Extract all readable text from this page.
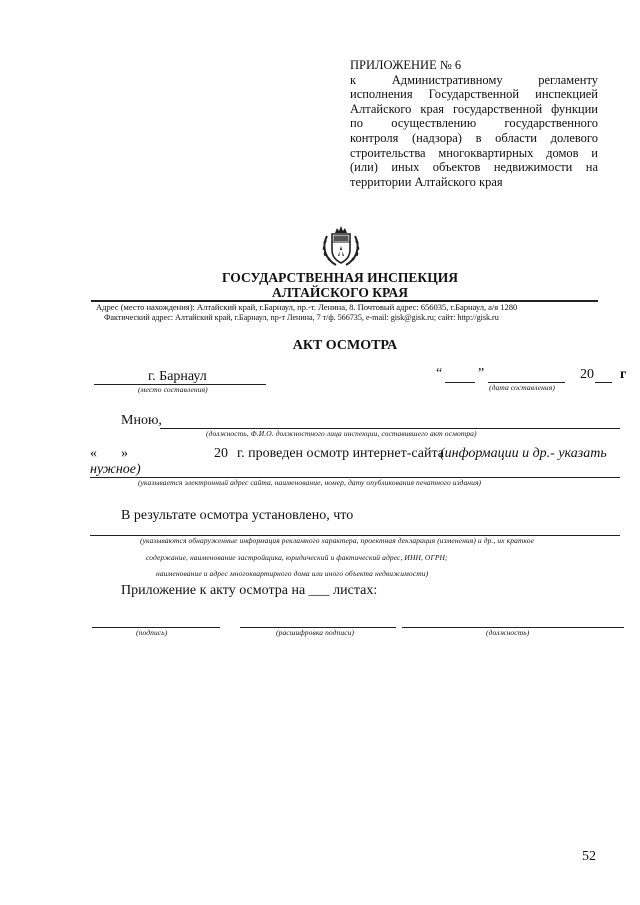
ПРИЛОЖЕНИЕ № 6
к Административному регламенту
исполнения Государственной инспекцией
Алтайского края государственной функции
по осуществлению государственного
контроля (надзора) в области долевого
строительства многоквартирных домов и
(или) иных объектов недвижимости на
территории Алтайского края
ГОСУДАРСТВЕННАЯ ИНСПЕКЦИЯ
АЛТАЙСКОГО КРАЯ
Адрес (место нахождения): Алтайский край, г.Барнаул, пр.-т. Ленина, 8. Почтовый адрес: 656035, г.Барнаул, а/я 1280
Фактический адрес: Алтайский край, г.Барнаул, пр-т Ленина, 7 т/ф. 566735, e-mail: gisk@gisk.ru; сайт: http://gisk.ru
АКТ ОСМОТРА
г. Барнаул
(место составления)
“	”	20 г
(дата составления)
Мною,
(должность, Ф.И.О. должностного лица инспекции, составившего акт осмотра)
« »	20 г. проведен осмотр интернет-сайта
(информации и др.- указать
нужное)
(указывается электронный адрес сайта, наименование, номер, дату опубликования печатного издания)
В результате осмотра установлено, что
(указываются обнаруженные информация рекламного характера, проектная декларация (изменения) и др., их краткое
содержание, наименование застройщика, юридический и фактический адрес, ИНН, ОГРН;
наименование и адрес многоквартирного дома или иного объекта недвижимости)
Приложение к акту осмотра на ___ листах:
(подпись)	(расшифровка подписи)	(должность)
52
